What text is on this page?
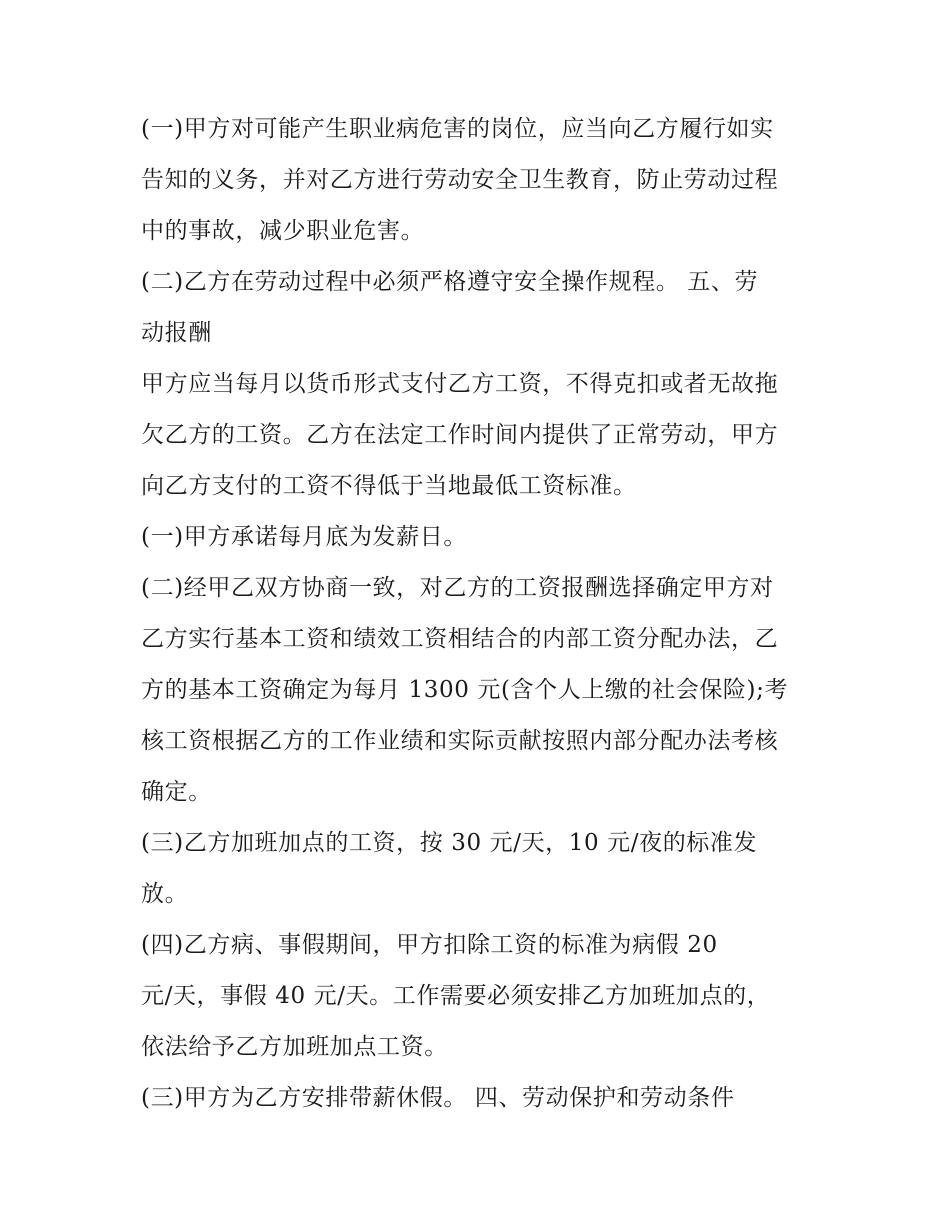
(一)甲方对可能产生职业病危害的岗位，应当向乙方履行如实
告知的义务，并对乙方进行劳动安全卫生教育，防止劳动过程
中的事故，减少职业危害。
(二)乙方在劳动过程中必须严格遵守安全操作规程。 五、劳
动报酬
甲方应当每月以货币形式支付乙方工资，不得克扣或者无故拖
欠乙方的工资。乙方在法定工作时间内提供了正常劳动，甲方
向乙方支付的工资不得低于当地最低工资标准。
(一)甲方承诺每月底为发薪日。
(二)经甲乙双方协商一致，对乙方的工资报酬选择确定甲方对
乙方实行基本工资和绩效工资相结合的内部工资分配办法，乙
方的基本工资确定为每月 1300 元(含个人上缴的社会保险);考
核工资根据乙方的工作业绩和实际贡献按照内部分配办法考核
确定。
(三)乙方加班加点的工资，按 30 元/天，10 元/夜的标准发
放。
(四)乙方病、事假期间，甲方扣除工资的标准为病假 20
元/天，事假 40 元/天。工作需要必须安排乙方加班加点的，
依法给予乙方加班加点工资。
(三)甲方为乙方安排带薪休假。 四、劳动保护和劳动条件
